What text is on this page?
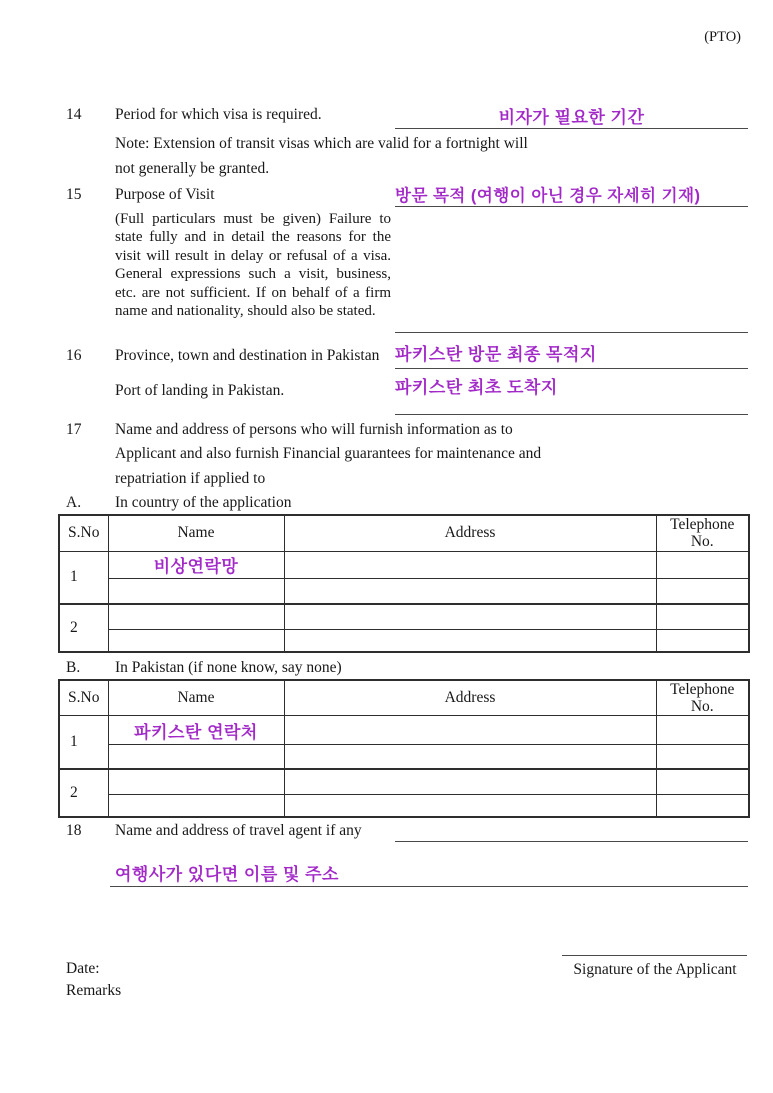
(PTO)
14 Period for which visa is required.	비자가 필요한 기간
Note: Extension of transit visas which are valid for a fortnight will
not generally be granted.
15 Purpose of Visit	방문 목적 (여행이 아닌 경우 자세히 기재)
(Full particulars must be given) Failure to state fully and in detail the reasons for the visit will result in delay or refusal of a visa. General expressions such a visit, business, etc. are not sufficient. If on behalf of a firm name and nationality, should also be stated.
16 Province, town and destination in Pakistan 파키스탄 방문 최종 목적지
Port of landing in Pakistan.	파키스탄 최초 도착지
17 Name and address of persons who will furnish information as to
Applicant and also furnish Financial guarantees for maintenance and
repatriation if applied to
A. In country of the application
S.No	Name	Address	Telephone
No.

1	비상연락망		

2			

B. In Pakistan (if none know, say none)
S.No	Name	Address	Telephone
No.

1	파키스탄 연락처		

2			

18 Name and address of travel agent if any
여행사가 있다면 이름 및 주소
Date:
Remarks
Signature of the Applicant
